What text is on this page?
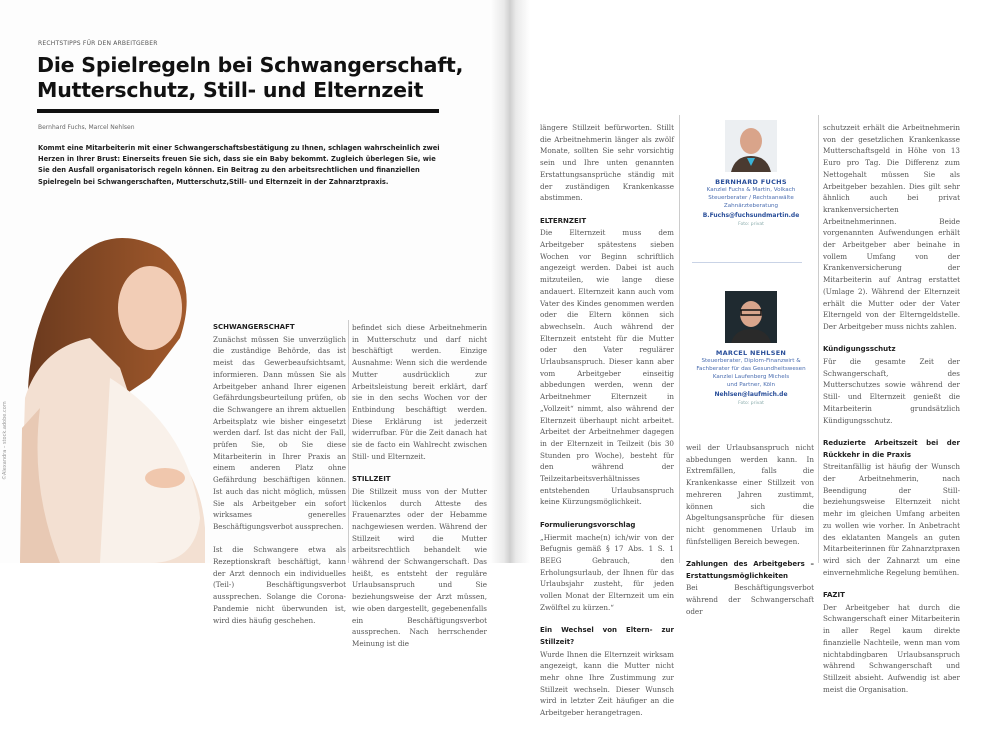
RECHTSTIPPS FÜR DEN ARBEITGEBER
Die Spielregeln bei Schwangerschaft, Mutterschutz, Still- und Elternzeit
Bernhard Fuchs, Marcel Nehlsen
Kommt eine Mitarbeiterin mit einer Schwangerschaftsbestätigung zu Ihnen, schlagen wahrscheinlich zwei Herzen in Ihrer Brust: Einerseits freuen Sie sich, dass sie ein Baby bekommt. Zugleich überlegen Sie, wie Sie den Ausfall organisatorisch regeln können. Ein Beitrag zu den arbeitsrechtlichen und finanziellen Spielregeln bei Schwangerschaften, Mutterschutz,Still- und Elternzeit in der Zahnarztpraxis.
©Alexandra – stock.adobe.com
SCHWANGERSCHAFT

Zunächst müssen Sie unverzüglich die zuständige Behörde, das ist meist das Gewerbeaufsichtsamt, informieren. Dann müssen Sie als Arbeitgeber anhand Ihrer eigenen Gefährdungsbeurteilung prüfen, ob die Schwangere an ihrem aktuellen Arbeitsplatz wie bisher eingesetzt werden darf. Ist das nicht der Fall, prüfen Sie, ob Sie diese Mitarbeiterin in Ihrer Praxis an einem anderen Platz ohne Gefährdung beschäftigen können. Ist auch das nicht möglich, müssen Sie als Arbeitgeber ein sofort wirksames generelles Beschäftigungsverbot aussprechen.

Ist die Schwangere etwa als Rezeptionskraft beschäftigt, kann der Arzt dennoch ein individuelles (Teil-) Beschäftigungsverbot aussprechen. Solange die Corona-Pandemie nicht überwunden ist, wird dies häufig geschehen.

befindet sich diese Arbeitnehmerin in Mutterschutz und darf nicht beschäftigt werden. Einzige Ausnahme: Wenn sich die werdende Mutter ausdrücklich zur Arbeitsleistung bereit erklärt, darf sie in den sechs Wochen vor der Entbindung beschäftigt werden. Diese Erklärung ist jederzeit widerrufbar. Für die Zeit danach hat sie de facto ein Wahlrecht zwischen Still- und Elternzeit.

STILLZEIT

Die Stillzeit muss von der Mutter lückenlos durch Atteste des Frauenarztes oder der Hebamme nachgewiesen werden. Während der Stillzeit wird die Mutter arbeitsrechtlich behandelt wie während der Schwangerschaft. Das heißt, es entsteht der reguläre Urlaubsanspruch und Sie beziehungsweise der Arzt müssen, wie oben dargestellt, gegebenenfalls ein Beschäftigungsverbot aussprechen. Nach herrschender Meinung ist die

längere Stillzeit befürworten. Stillt die Arbeitnehmerin länger als zwölf Monate, sollten Sie sehr vorsichtig sein und Ihre unten genannten Erstattungsansprüche ständig mit der zuständigen Krankenkasse abstimmen.

ELTERNZEIT

Die Elternzeit muss dem Arbeitgeber spätestens sieben Wochen vor Beginn schriftlich angezeigt werden. Dabei ist auch mitzuteilen, wie lange diese andauert. Elternzeit kann auch vom Vater des Kindes genommen werden oder die Eltern können sich abwechseln. Auch während der Elternzeit entsteht für die Mutter oder den Vater regulärer Urlaubsanspruch. Dieser kann aber vom Arbeitgeber einseitig abbedungen werden, wenn der Arbeitnehmer Elternzeit in „Vollzeit“ nimmt, also während der Elternzeit überhaupt nicht arbeitet. Arbeitet der Arbeitnehmer dagegen in der Elternzeit in Teilzeit (bis 30 Stunden pro Woche), besteht für den während der Teilzeitarbeitsverhältnisses entstehenden Urlaubsanspruch keine Kürzungsmöglichkeit.

Formulierungsvorschlag

„Hiermit mache(n) ich/wir von der Befugnis gemäß § 17 Abs. 1 S. 1 BEEG Gebrauch, den Erholungsurlaub, der Ihnen für das Urlaubsjahr zusteht, für jeden vollen Monat der Elternzeit um ein Zwölftel zu kürzen.“

Ein Wechsel von Eltern- zur Stillzeit?

Wurde Ihnen die Elternzeit wirksam angezeigt, kann die Mutter nicht mehr ohne Ihre Zustimmung zur Stillzeit wechseln. Dieser Wunsch wird in letzter Zeit häufiger an die Arbeitgeber herangetragen.

BERNHARD FUCHS
Kanzlei Fuchs & Martin, Volkach
Steuerberater / Rechtsanwälte
Zahnärzteberatung
B.Fuchs@fuchsundmartin.de
Foto: privat
MARCEL NEHLSEN
Steuerberater, Diplom-Finanzwirt &
Fachberater für das Gesundheitswesen
Kanzlei Laufenberg Michels
und Partner, Köln
Nehlsen@laufmich.de
Foto: privat

weil der Urlaubsanspruch nicht abbedungen werden kann. In Extremfällen, falls die Krankenkasse einer Stillzeit von mehreren Jahren zustimmt, können sich die Abgeltungsansprüche für diesen nicht genommenen Urlaub im fünfstelligen Bereich bewegen.

Zahlungen des Arbeitgebers – Erstattungsmöglichkeiten

Bei Beschäftigungsverbot während der Schwangerschaft oder

schutzzeit erhält die Arbeitnehmerin von der gesetzlichen Krankenkasse Mutterschaftsgeld in Höhe von 13 Euro pro Tag. Die Differenz zum Nettogehalt müssen Sie als Arbeitgeber bezahlen. Dies gilt sehr ähnlich auch bei privat krankenversicherten Arbeitnehmerinnen. Beide vorgenannten Aufwendungen erhält der Arbeitgeber aber beinahe in vollem Umfang von der Krankenversicherung der Mitarbeiterin auf Antrag erstattet (Umlage 2). Während der Elternzeit erhält die Mutter oder der Vater Elterngeld von der Elterngeldstelle. Der Arbeitgeber muss nichts zahlen.

Kündigungsschutz

Für die gesamte Zeit der Schwangerschaft, des Mutterschutzes sowie während der Still- und Elternzeit genießt die Mitarbeiterin grundsätzlich Kündigungsschutz.

Reduzierte Arbeitszeit bei der Rückkehr in die Praxis

Streitanfällig ist häufig der Wunsch der Arbeitnehmerin, nach Beendigung der Still- beziehungsweise Elternzeit nicht mehr im gleichen Umfang arbeiten zu wollen wie vorher. In Anbetracht des eklatanten Mangels an guten Mitarbeiterinnen für Zahnarztpraxen wird sich der Zahnarzt um eine einvernehmliche Regelung bemühen.

FAZIT

Der Arbeitgeber hat durch die Schwangerschaft einer Mitarbeiterin in aller Regel kaum direkte finanzielle Nachteile, wenn man vom nichtabdingbaren Urlaubsanspruch während Schwangerschaft und Stillzeit absieht. Aufwendig ist aber meist die Organisation.
